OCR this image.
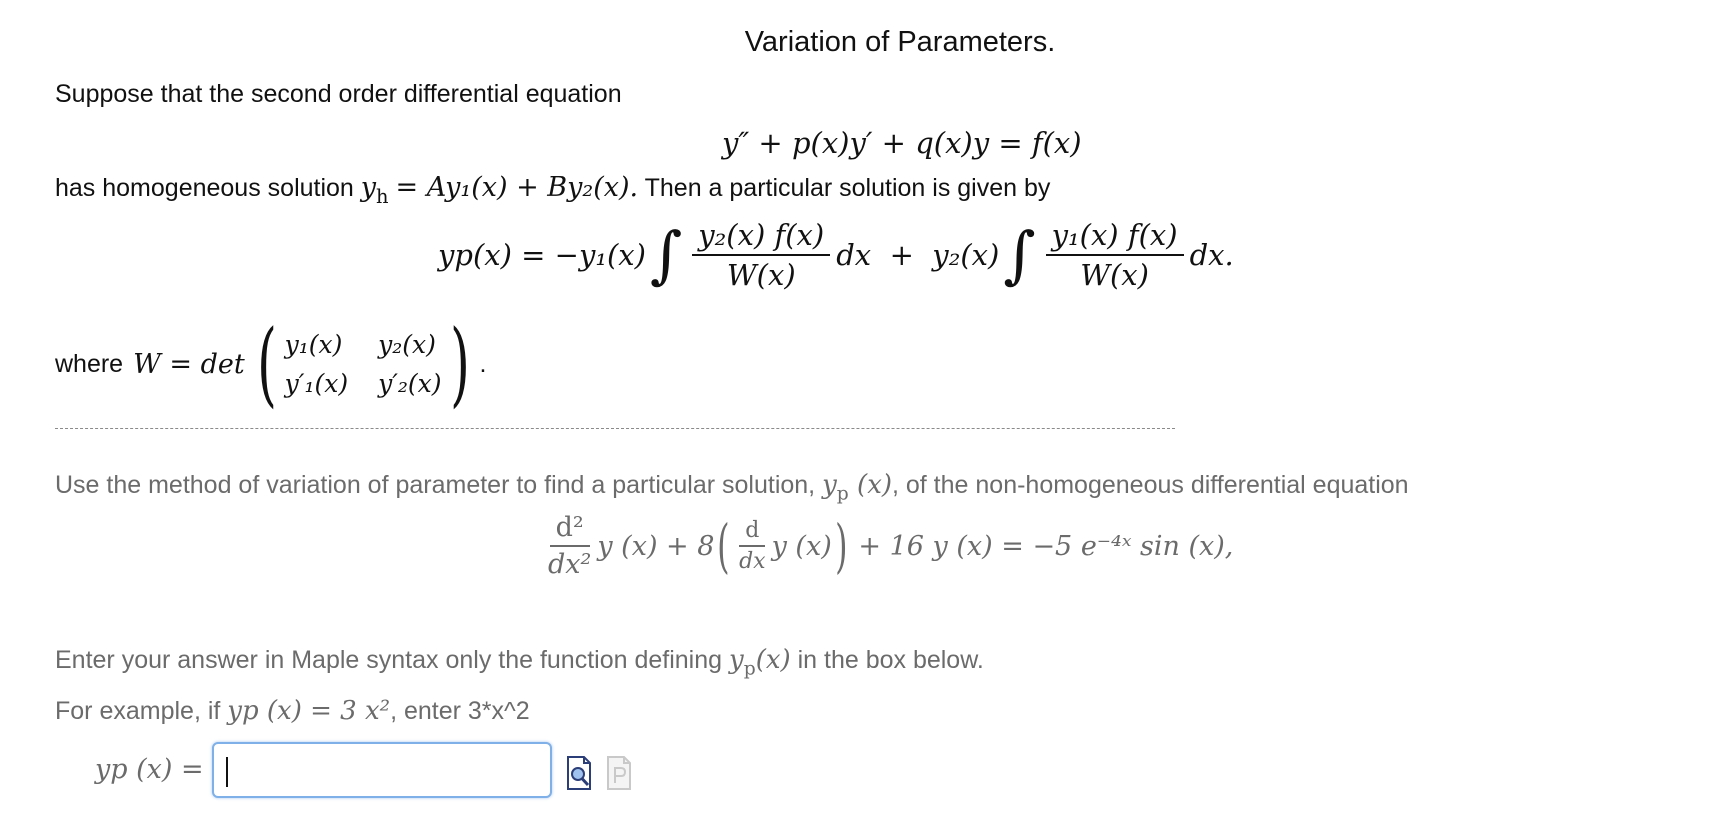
Variation of Parameters.
Suppose that the second order differential equation
y″ + p(x)y′ + q(x)y = f(x)
has homogeneous solution $y_h = Ay_1(x) + By_2(x)$. Then a particular solution is given by
yp(x) = −y₁(x) ∫ $\frac{\text{y₂(x) f(x)}}{W(x)}$ dx  +  y₂(x) ∫ $\frac{\text{y₁(x) f(x)}}{W(x)}$ dx.
where W = det ( y₁(x) y₂(x)
y′₁(x) y′₂(x) ) .
Use the method of variation of parameter to find a particular solution, $y_p$ (x), of the non-homogeneous differential equation
$\frac{\text{d²}}{\text{dx²}}$ y (x) + 8 ( $\frac{d}{dx}$ y (x) ) + 16 y (x) = −5 e⁻⁴ˣ sin (x),
Enter your answer in Maple syntax only the function defining $y_p(x)$ in the box below.
For example, if yp (x) = 3 x², enter 3*x^2
yp (x) =
